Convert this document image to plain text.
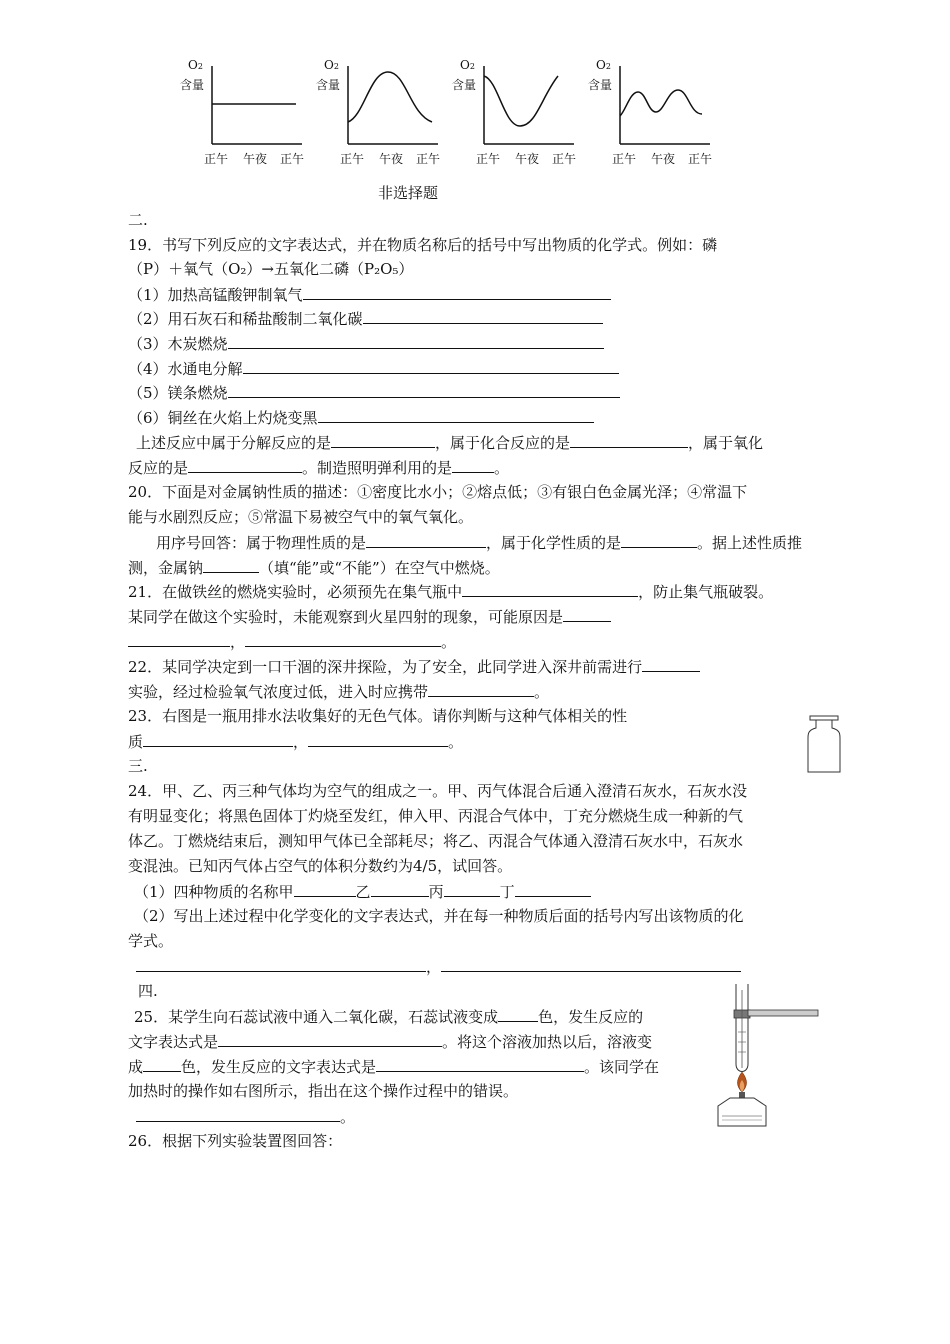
O2
含量
正午 午夜 正午
O2
含量
正午 午夜 正午
O2
含量
正午 午夜 正午
O2
含量
正午 午夜 正午
非选择题
二.
19．书写下列反应的文字表达式，并在物质名称后的括号中写出物质的化学式。例如：磷
（P）＋氧气（O₂）→五氧化二磷（P₂O₅）
（1）加热高锰酸钾制氧气
（2）用石灰石和稀盐酸制二氧化碳
（3）木炭燃烧
（4）水通电分解
（5）镁条燃烧
（6）铜丝在火焰上灼烧变黑
上述反应中属于分解反应的是	，属于化合反应的是	，属于氧化
反应的是	。制造照明弹利用的是	。
20．下面是对金属钠性质的描述：①密度比水小；②熔点低；③有银白色金属光泽；④常温下
能与水剧烈反应；⑤常温下易被空气中的氧气氧化。
用序号回答：属于物理性质的是	，属于化学性质的是	。据上述性质推
测，金属钠	（填“能”或“不能”）在空气中燃烧。
21．在做铁丝的燃烧实验时，必须预先在集气瓶中	，防止集气瓶破裂。
某同学在做这个实验时，未能观察到火星四射的现象，可能原因是
，	。
22．某同学决定到一口干涸的深井探险，为了安全，此同学进入深井前需进行
实验，经过检验氧气浓度过低，进入时应携带	。
23．右图是一瓶用排水法收集好的无色气体。请你判断与这种气体相关的性
质	，	。
三.
24．甲、乙、丙三种气体均为空气的组成之一。甲、丙气体混合后通入澄清石灰水，石灰水没
有明显变化；将黑色固体丁灼烧至发红，伸入甲、丙混合气体中，丁充分燃烧生成一种新的气
体乙。丁燃烧结束后，测知甲气体已全部耗尽；将乙、丙混合气体通入澄清石灰水中，石灰水
变混浊。已知丙气体占空气的体积分数约为4/5，试回答。
（1）四种物质的名称甲	乙	丙	丁
（2）写出上述过程中化学变化的文字表达式，并在每一种物质后面的括号内写出该物质的化
学式。
，
四.
25．某学生向石蕊试液中通入二氧化碳，石蕊试液变成	色，发生反应的
文字表达式是	。将这个溶液加热以后，溶液变
成	色，发生反应的文字表达式是	。该同学在
加热时的操作如右图所示，指出在这个操作过程中的错误。
。
26．根据下列实验装置图回答：
